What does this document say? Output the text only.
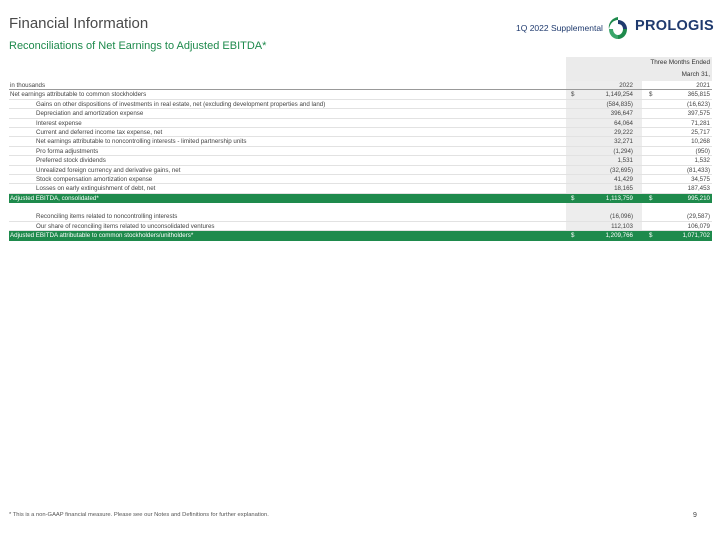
Financial Information
Reconciliations of Net Earnings to Adjusted EBITDA*
1Q 2022 Supplemental PROLOGIS
Three Months Ended
March 31,
in thousands	2022	2021
Net earnings attributable to common stockholders	$	1,149,254	$	365,815
Gains on other dispositions of investments in real estate, net (excluding development properties and land)	(584,835)	(16,623)
Depreciation and amortization expense	396,647	397,575
Interest expense	64,064	71,281
Current and deferred income tax expense, net	29,222	25,717
Net earnings attributable to noncontrolling interests - limited partnership units	32,271	10,268
Pro forma adjustments	(1,294)	(950)
Preferred stock dividends	1,531	1,532
Unrealized foreign currency and derivative gains, net	(32,695)	(81,433)
Stock compensation amortization expense	41,429	34,575
Losses on early extinguishment of debt, net	18,165	187,453
Adjusted EBITDA, consolidated*	$	1,113,759	$	995,210
Reconciling items related to noncontrolling interests	(16,096)	(29,587)
Our share of reconciling items related to unconsolidated ventures	112,103	106,079
Adjusted EBITDA attributable to common stockholders/unitholders*	$	1,209,766	$	1,071,702
* This is a non-GAAP financial measure. Please see our Notes and Definitions for further explanation.	9
